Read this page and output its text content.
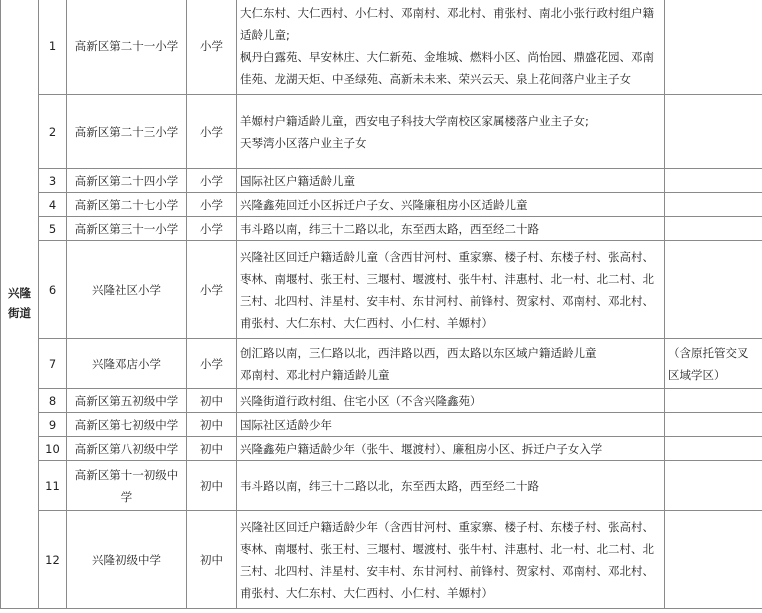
兴隆
街道	1	高新区第二十一小学	小学	大仁东村、大仁西村、小仁村、邓南村、邓北村、甫张村、南北小张行政村组户籍适龄儿童;
枫丹白露苑、早安林庄、大仁新苑、金堆城、燃料小区、尚怡园、鼎盛花园、邓南佳苑、龙湖天炬、中圣绿苑、高新未未来、荣兴云天、泉上花间落户业主子女	
	2	高新区第二十三小学	小学	羊嫄村户籍适龄儿童，西安电子科技大学南校区家属楼落户业主子女;
天琴湾小区落户业主子女	
	3	高新区第二十四小学	小学	国际社区户籍适龄儿童	
	4	高新区第二十七小学	小学	兴隆鑫苑回迁小区拆迁户子女、兴隆廉租房小区适龄儿童	
	5	高新区第三十一小学	小学	韦斗路以南，纬三十二路以北，东至西太路，西至经二十路	
	6	兴隆社区小学	小学	兴隆社区回迁户籍适龄儿童（含西甘河村、重家寨、楼子村、东楼子村、张高村、枣林、南堰村、张王村、三堰村、堰渡村、张牛村、沣惠村、北一村、北二村、北三村、北四村、沣星村、安丰村、东甘河村、前锋村、贺家村、邓南村、邓北村、甫张村、大仁东村、大仁西村、小仁村、羊嫄村）	
	7	兴隆邓店小学	小学	创汇路以南，三仁路以北，西沣路以西，西太路以东区域户籍适龄儿童
邓南村、邓北村户籍适龄儿童	（含原托管交叉区域学区）
	8	高新区第五初级中学	初中	兴隆街道行政村组、住宅小区（不含兴隆鑫苑）	
	9	高新区第七初级中学	初中	国际社区适龄少年	
	10	高新区第八初级中学	初中	兴隆鑫苑户籍适龄少年（张牛、堰渡村）、廉租房小区、拆迁户子女入学	
	11	高新区第十一初级中学	初中	韦斗路以南，纬三十二路以北，东至西太路，西至经二十路	
	12	兴隆初级中学	初中	兴隆社区回迁户籍适龄少年（含西甘河村、重家寨、楼子村、东楼子村、张高村、枣林、南堰村、张王村、三堰村、堰渡村、张牛村、沣惠村、北一村、北二村、北三村、北四村、沣星村、安丰村、东甘河村、前锋村、贺家村、邓南村、邓北村、甫张村、大仁东村、大仁西村、小仁村、羊嫄村）	
